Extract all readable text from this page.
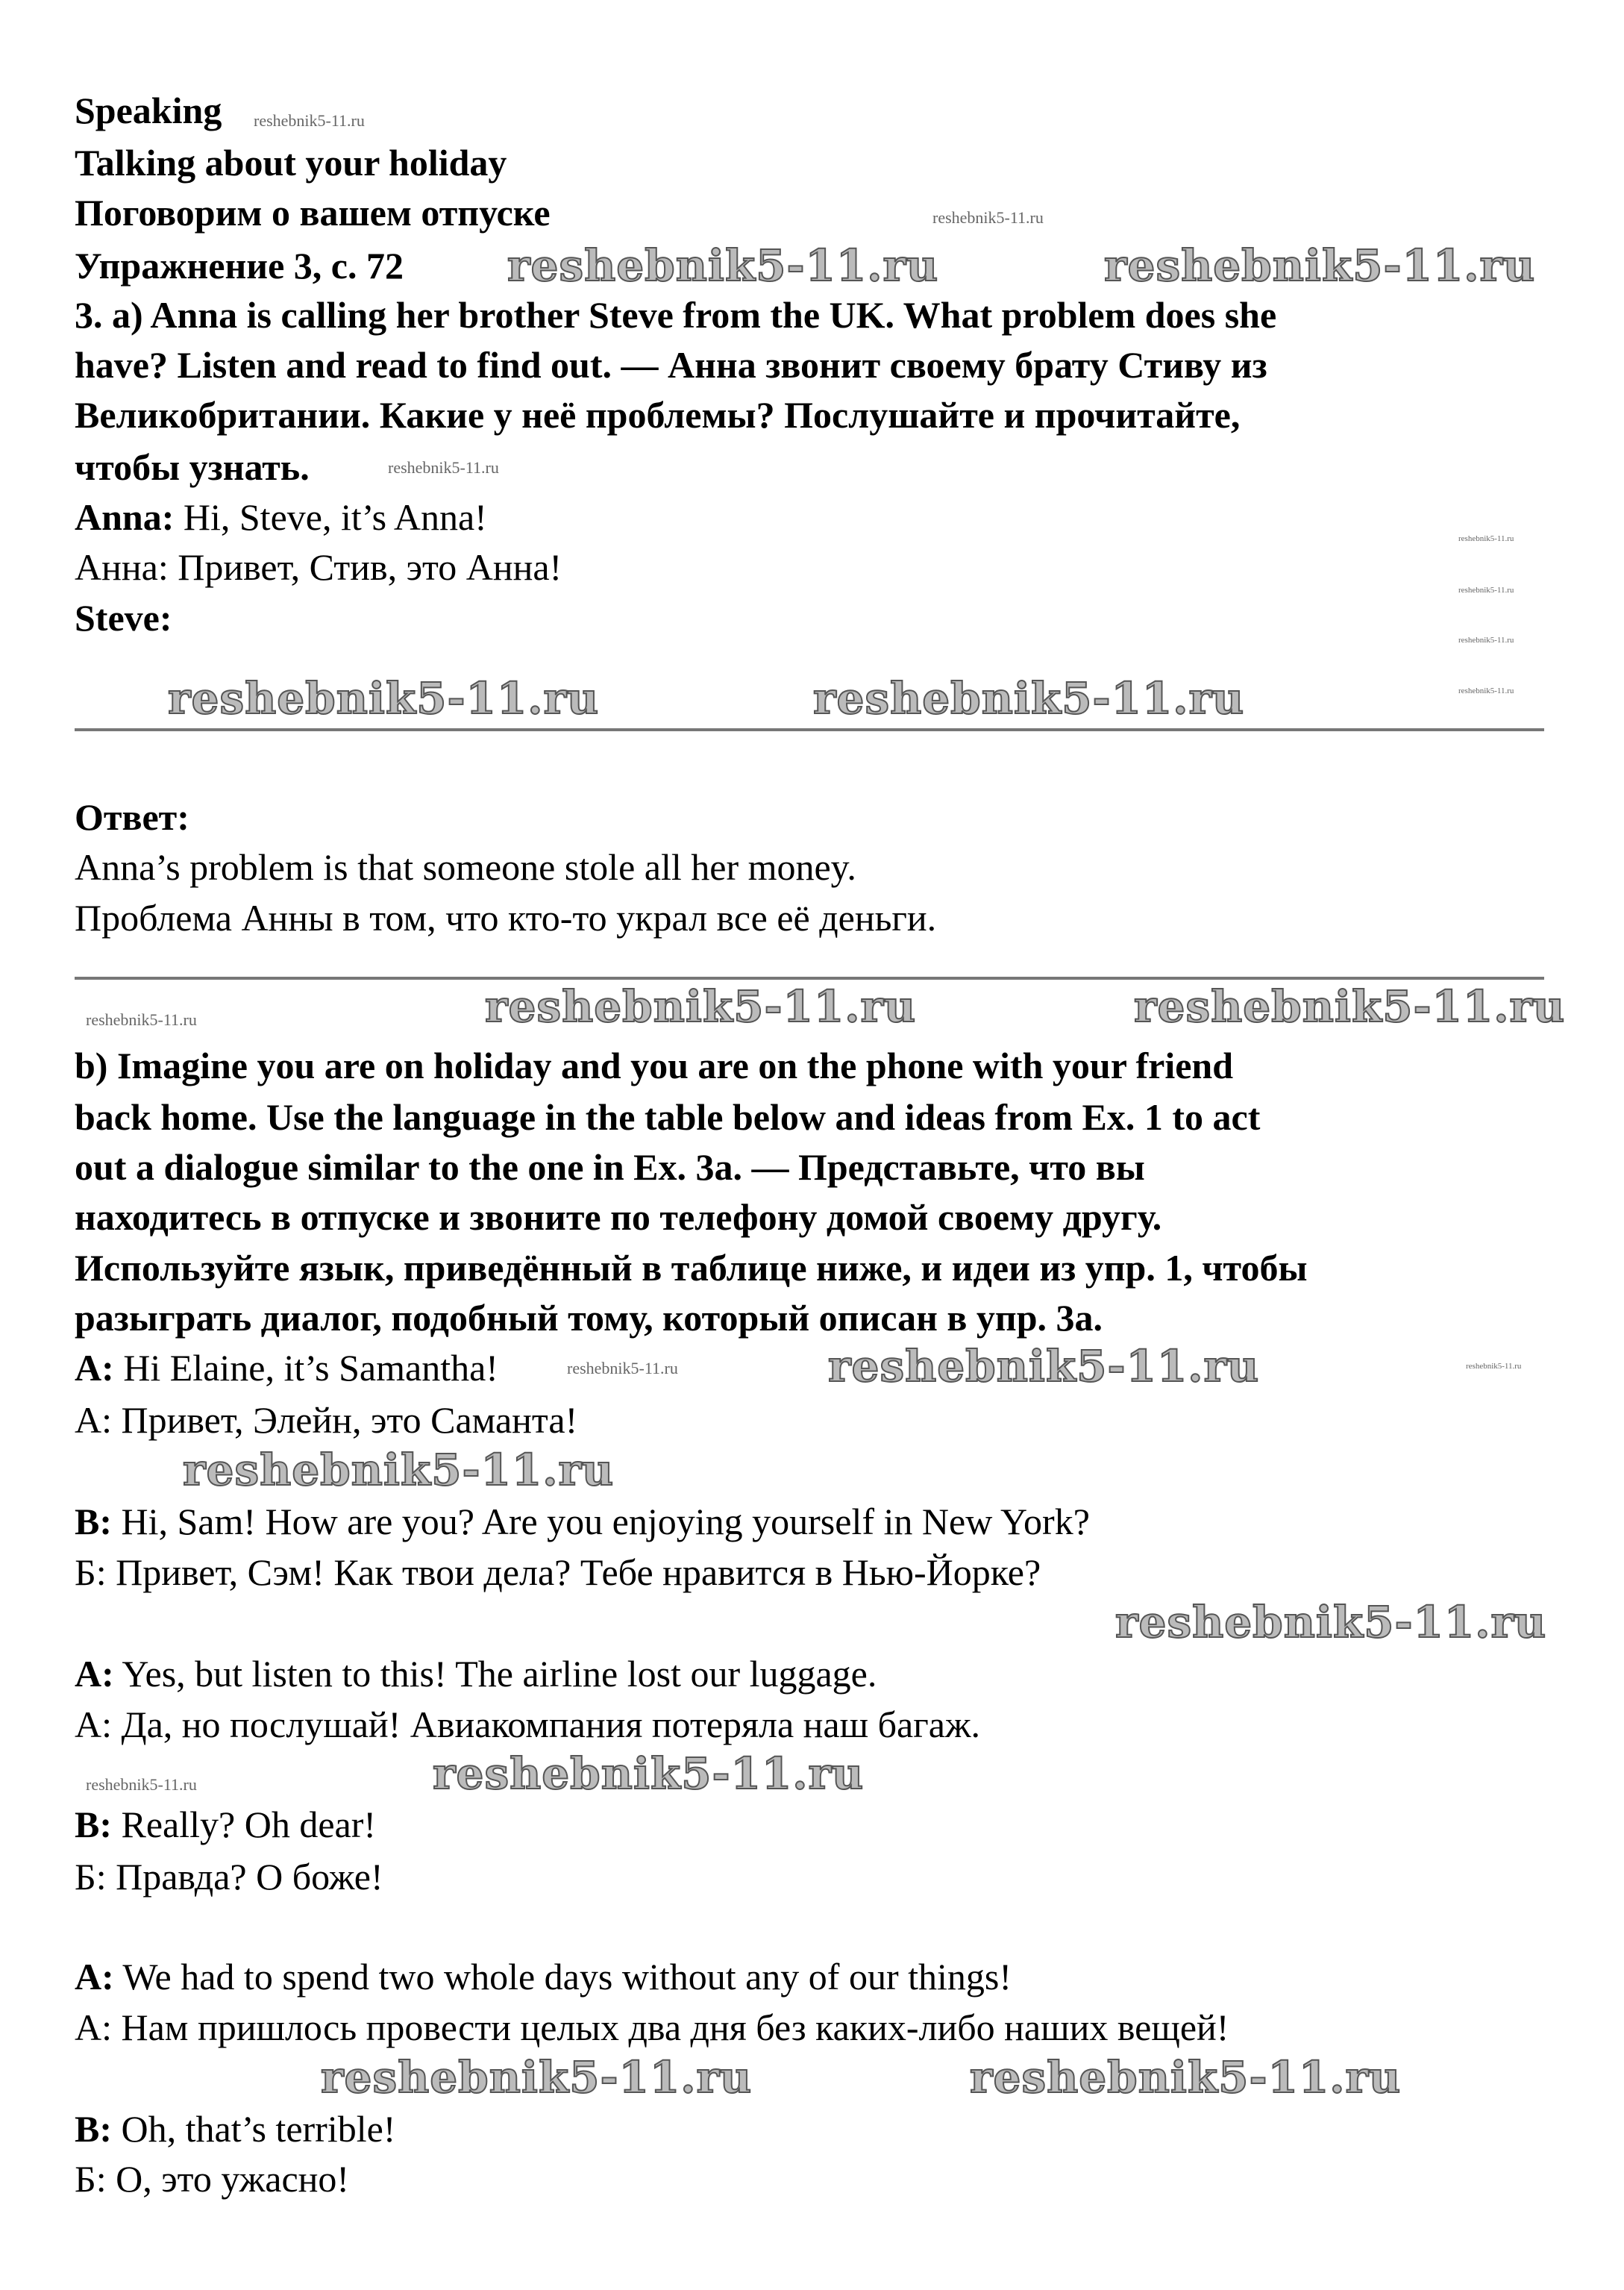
Speaking
Talking about your holiday
Поговорим о вашем отпуске
Упражнение 3, с. 72
3. a) Anna is calling her brother Steve from the UK. What problem does she
have? Listen and read to find out. — Анна звонит своему брату Стиву из
Великобритании. Какие у неё проблемы? Послушайте и прочитайте,
чтобы узнать.
Anna: Hi, Steve, it’s Anna!
Анна: Привет, Стив, это Анна!
Steve:
Ответ:
Anna’s problem is that someone stole all her money.
Проблема Анны в том, что кто-то украл все её деньги.
b) Imagine you are on holiday and you are on the phone with your friend
back home. Use the language in the table below and ideas from Ex. 1 to act
out a dialogue similar to the one in Ex. 3a. — Представьте, что вы
находитесь в отпуске и звоните по телефону домой своему другу.
Используйте язык, приведённый в таблице ниже, и идеи из упр. 1, чтобы
разыграть диалог, подобный тому, который описан в упр. 3а.
A: Hi Elaine, it’s Samantha!
А: Привет, Элейн, это Саманта!
B: Hi, Sam! How are you? Are you enjoying yourself in New York?
Б: Привет, Сэм! Как твои дела? Тебе нравится в Нью-Йорке?
A: Yes, but listen to this! The airline lost our luggage.
А: Да, но послушай! Авиакомпания потеряла наш багаж.
B: Really? Oh dear!
Б: Правда? О боже!
A: We had to spend two whole days without any of our things!
А: Нам пришлось провести целых два дня без каких-либо наших вещей!
B: Oh, that’s terrible!
Б: О, это ужасно!
reshebnik5-11.ru	reshebnik5-11.ru
reshebnik5-11.ru	reshebnik5-11.ru
reshebnik5-11.ru	reshebnik5-11.ru
reshebnik5-11.ru
reshebnik5-11.ru
reshebnik5-11.ru
reshebnik5-11.ru
reshebnik5-11.ru	reshebnik5-11.ru
reshebnik5-11.ru
reshebnik5-11.ru
reshebnik5-11.ru
reshebnik5-11.ru
reshebnik5-11.ru
reshebnik5-11.ru
reshebnik5-11.ru
reshebnik5-11.ru
reshebnik5-11.ru
reshebnik5-11.ru
reshebnik5-11.ru
